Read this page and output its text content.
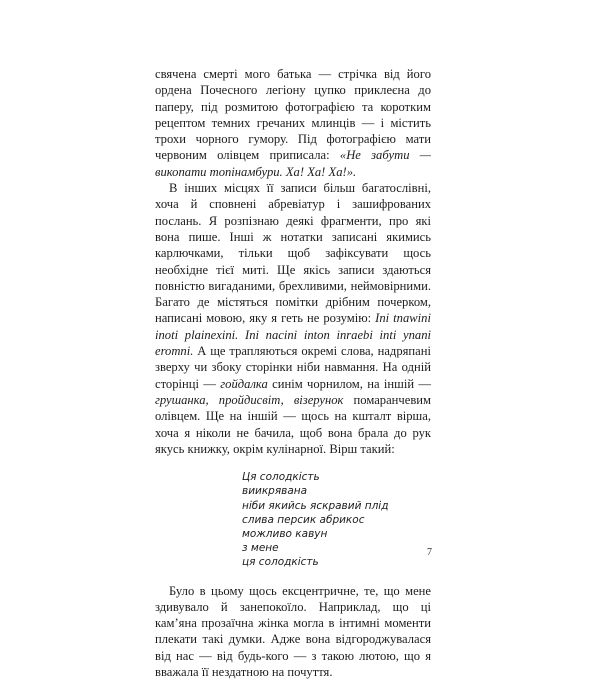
свячена смерті мого батька — стрічка від його ордена Почесного легіону цупко приклеєна до паперу, під розмитою фотографією та коротким рецептом темних гречаних млинців — і містить трохи чорного гумору. Під фотографією мати червоним олівцем приписала: «Не забути — викопати топінамбури. Ха! Ха! Ха!».

В інших місцях її записи більш багатослівні, хоча й сповнені абревіатур і зашифрованих послань. Я розпізнаю деякі фрагменти, про які вона пише. Інші ж нотатки записані якимись карлючками, тільки щоб зафіксувати щось необхідне тієї миті. Ще якісь записи здаються повністю вигаданими, брехливими, неймовірними. Багато де містяться помітки дрібним почерком, написані мовою, яку я геть не розумію: Ini tnawini inoti plainexini. Ini nacini inton inraebi inti ynani eromni. А ще трапляються окремі слова, надряпані зверху чи збоку сторінки ніби навмання. На одній сторінці — гойдалка синім чорнилом, на іншій — грушанка, пройдисвіт, візерунок помаранчевим олівцем. Ще на іншій — щось на кшталт вірша, хоча я ніколи не бачила, щоб вона брала до рук якусь книжку, окрім кулінарної. Вірш такий:

Ця солодкість
виикрявана
ніби якийсь яскравий плід
слива персик абрикос
можливо кавун
з мене
ця солодкість

Було в цьому щось ексцентричне, те, що мене здивувало й занепокоїло. Наприклад, що ці кам’яна прозаїчна жінка могла в інтимні моменти плекати такі думки. Адже вона відгороджувалася від нас — від будь-кого — з такою лютою, що я вважала її нездатною на почуття.

7
